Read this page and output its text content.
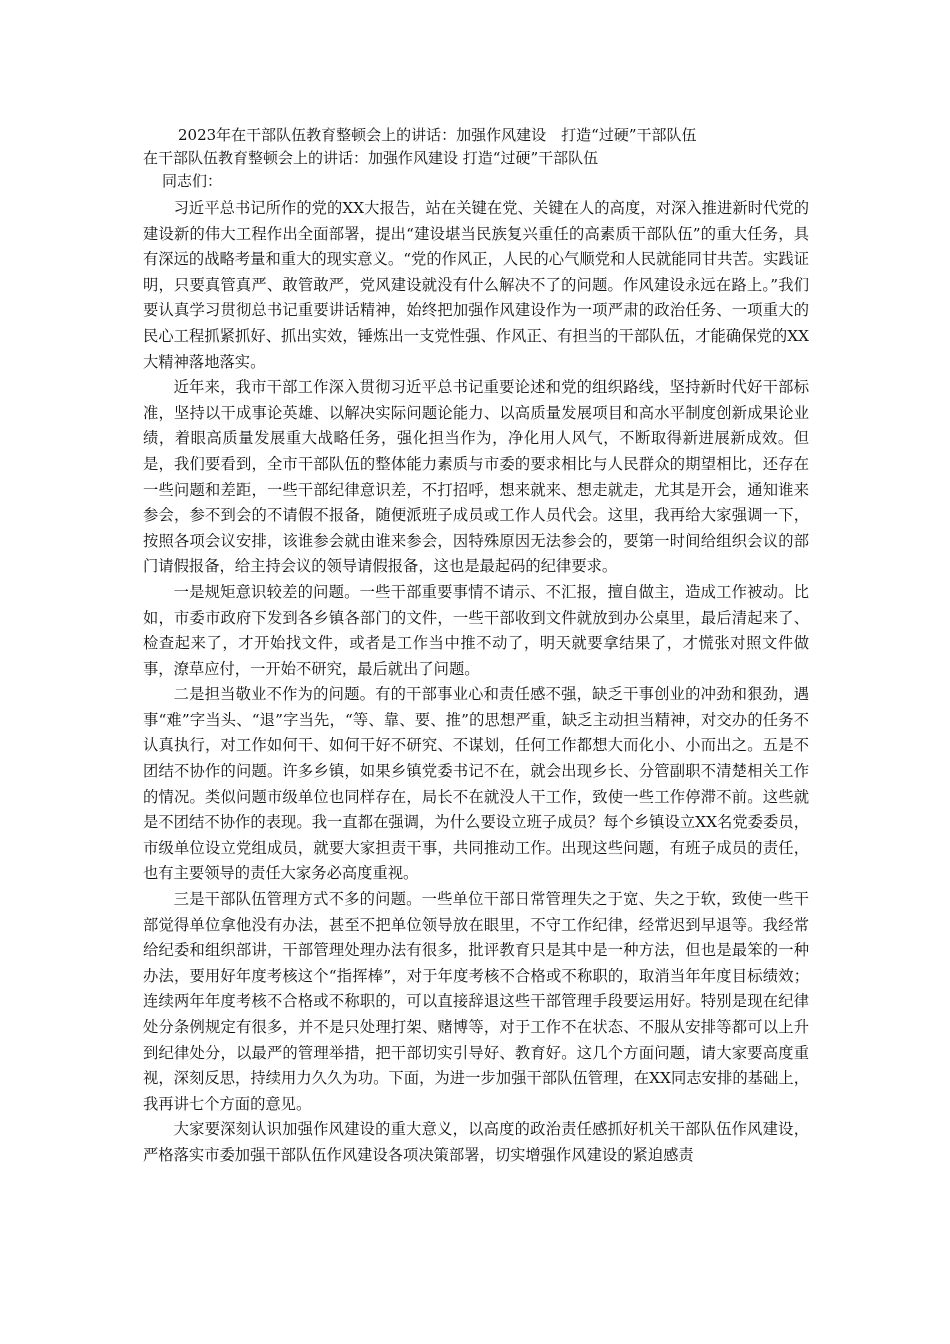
2023年在干部队伍教育整顿会上的讲话：加强作风建设　打造“过硬”干部队伍

在干部队伍教育整顿会上的讲话：加强作风建设 打造“过硬”干部队伍

同志们：

习近平总书记所作的党的XX大报告，站在关键在党、关键在人的高度，对深入推进新时代党的建设新的伟大工程作出全面部署，提出“建设堪当民族复兴重任的高素质干部队伍”的重大任务，具有深远的战略考量和重大的现实意义。“党的作风正，人民的心气顺党和人民就能同甘共苦。实践证明，只要真管真严、敢管敢严，党风建设就没有什么解决不了的问题。作风建设永远在路上。”我们要认真学习贯彻总书记重要讲话精神，始终把加强作风建设作为一项严肃的政治任务、一项重大的民心工程抓紧抓好、抓出实效，锤炼出一支党性强、作风正、有担当的干部队伍，才能确保党的XX大精神落地落实。

近年来，我市干部工作深入贯彻习近平总书记重要论述和党的组织路线，坚持新时代好干部标准，坚持以干成事论英雄、以解决实际问题论能力、以高质量发展项目和高水平制度创新成果论业绩，着眼高质量发展重大战略任务，强化担当作为，净化用人风气，不断取得新进展新成效。但是，我们要看到，全市干部队伍的整体能力素质与市委的要求相比与人民群众的期望相比，还存在一些问题和差距，一些干部纪律意识差，不打招呼，想来就来、想走就走，尤其是开会，通知谁来参会，参不到会的不请假不报备，随便派班子成员或工作人员代会。这里，我再给大家强调一下，按照各项会议安排，该谁参会就由谁来参会，因特殊原因无法参会的，要第一时间给组织会议的部门请假报备，给主持会议的领导请假报备，这也是最起码的纪律要求。

一是规矩意识较差的问题。一些干部重要事情不请示、不汇报，擅自做主，造成工作被动。比如，市委市政府下发到各乡镇各部门的文件，一些干部收到文件就放到办公桌里，最后清起来了、检查起来了，才开始找文件，或者是工作当中推不动了，明天就要拿结果了，才慌张对照文件做事，潦草应付，一开始不研究，最后就出了问题。

二是担当敬业不作为的问题。有的干部事业心和责任感不强，缺乏干事创业的冲劲和狠劲，遇事“难”字当头、“退”字当先，“等、靠、要、推”的思想严重，缺乏主动担当精神，对交办的任务不认真执行，对工作如何干、如何干好不研究、不谋划，任何工作都想大而化小、小而出之。五是不团结不协作的问题。许多乡镇，如果乡镇党委书记不在，就会出现乡长、分管副职不清楚相关工作的情况。类似问题市级单位也同样存在，局长不在就没人干工作，致使一些工作停滞不前。这些就是不团结不协作的表现。我一直都在强调，为什么要设立班子成员？每个乡镇设立XX名党委委员，市级单位设立党组成员，就要大家担责干事，共同推动工作。出现这些问题，有班子成员的责任，也有主要领导的责任大家务必高度重视。

三是干部队伍管理方式不多的问题。一些单位干部日常管理失之于宽、失之于软，致使一些干部觉得单位拿他没有办法，甚至不把单位领导放在眼里，不守工作纪律，经常迟到早退等。我经常给纪委和组织部讲，干部管理处理办法有很多，批评教育只是其中是一种方法，但也是最笨的一种办法，要用好年度考核这个“指挥棒”，对于年度考核不合格或不称职的，取消当年年度目标绩效；连续两年年度考核不合格或不称职的，可以直接辞退这些干部管理手段要运用好。特别是现在纪律处分条例规定有很多，并不是只处理打架、赌博等，对于工作不在状态、不服从安排等都可以上升到纪律处分，以最严的管理举措，把干部切实引导好、教育好。这几个方面问题，请大家要高度重视，深刻反思，持续用力久久为功。下面，为进一步加强干部队伍管理，在XX同志安排的基础上，我再讲七个方面的意见。

大家要深刻认识加强作风建设的重大意义，以高度的政治责任感抓好机关干部队伍作风建设，严格落实市委加强干部队伍作风建设各项决策部署，切实增强作风建设的紧迫感责
